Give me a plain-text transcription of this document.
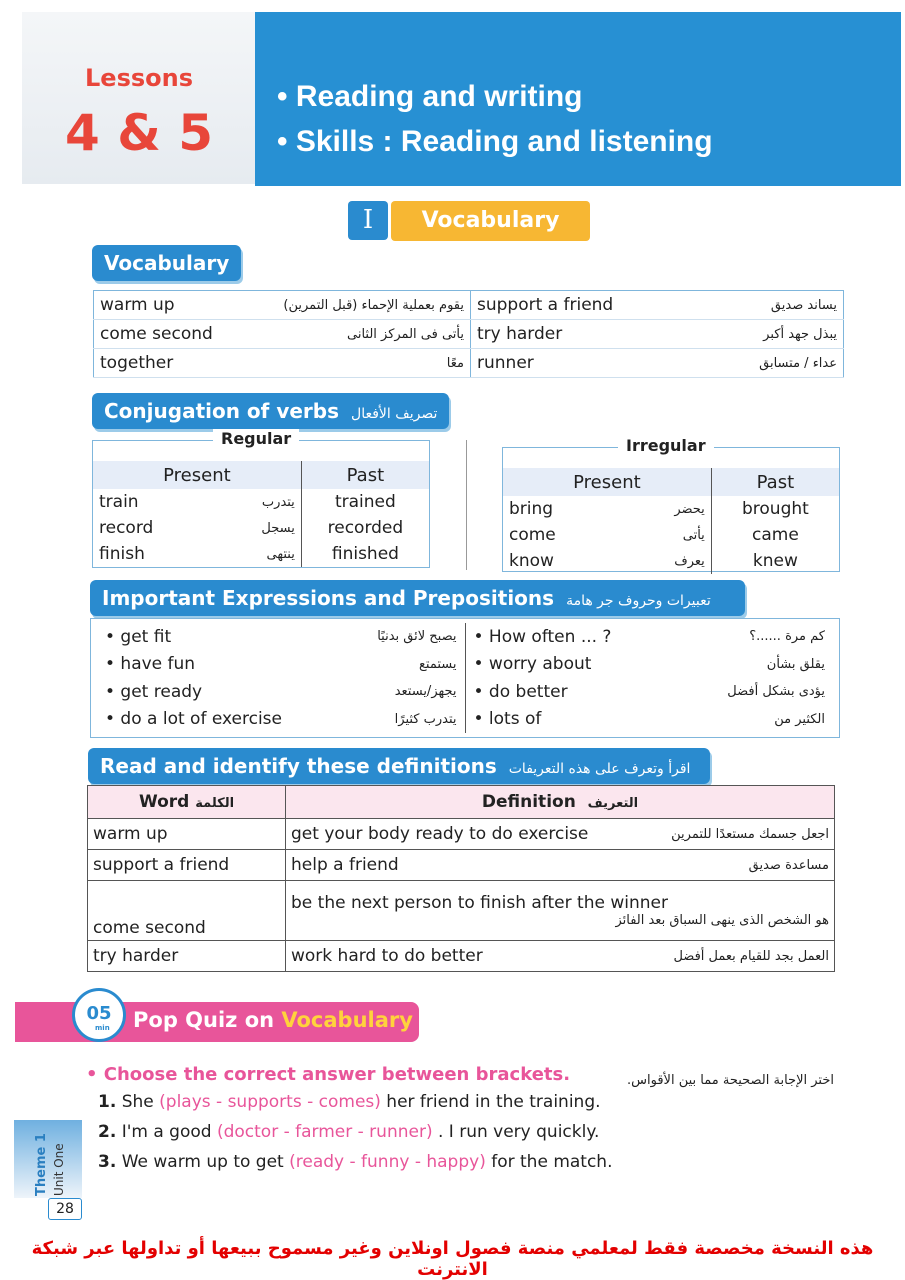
Lessons
4 & 5
• Reading and writing
• Skills : Reading and listening
I	Vocabulary
Vocabulary
warm up يقوم بعملية الإحماء (قبل التمرين)	support a friend يساند صديق

come second يأتى فى المركز الثانى	try harder يبذل جهد أكبر

together معًا	runner عداء / متسابق
Conjugation of verbs تصريف الأفعال
Regular
Present	Past

train يتدرب	trained

record يسجل	recorded

finish ينتهى	finished
Irregular
Present	Past

bring يحضر	brought

come يأتى	came

know يعرف	knew
Important Expressions and Prepositions تعبيرات وحروف جر هامة
• get fit	يصبح لائق بدنيًا
• have fun	يستمتع
• get ready	يجهز/يستعد
• do a lot of exercise	يتدرب كثيرًا
• How often ... ?	كم مرة ......؟
• worry about	يقلق بشأن
• do better	يؤدى بشكل أفضل
• lots of	الكثير من
Read and identify these definitions اقرأ وتعرف على هذه التعريفات
Word الكلمة	Definition التعريف
warm up	get your body ready to do exercise اجعل جسمك مستعدًا للتمرين

support a friend	help a friend مساعدة صديق

come second	be the next person to finish after the winner
هو الشخص الذى ينهى السباق بعد الفائز

try harder	work hard to do better العمل بجد للقيام بعمل أفضل
Pop Quiz on Vocabulary
05
min
• Choose the correct answer between brackets.	اختر الإجابة الصحيحة مما بين الأقواس.
1. She (plays - supports - comes) her friend in the training.
2. I'm a good (doctor - farmer - runner) . I run very quickly.
3. We warm up to get (ready - funny - happy) for the match.
Theme 1 Unit One
28
هذه النسخة مخصصة فقط لمعلمي منصة فصول اونلاين وغير مسموح ببيعها أو تداولها عبر شبكة الانترنت
